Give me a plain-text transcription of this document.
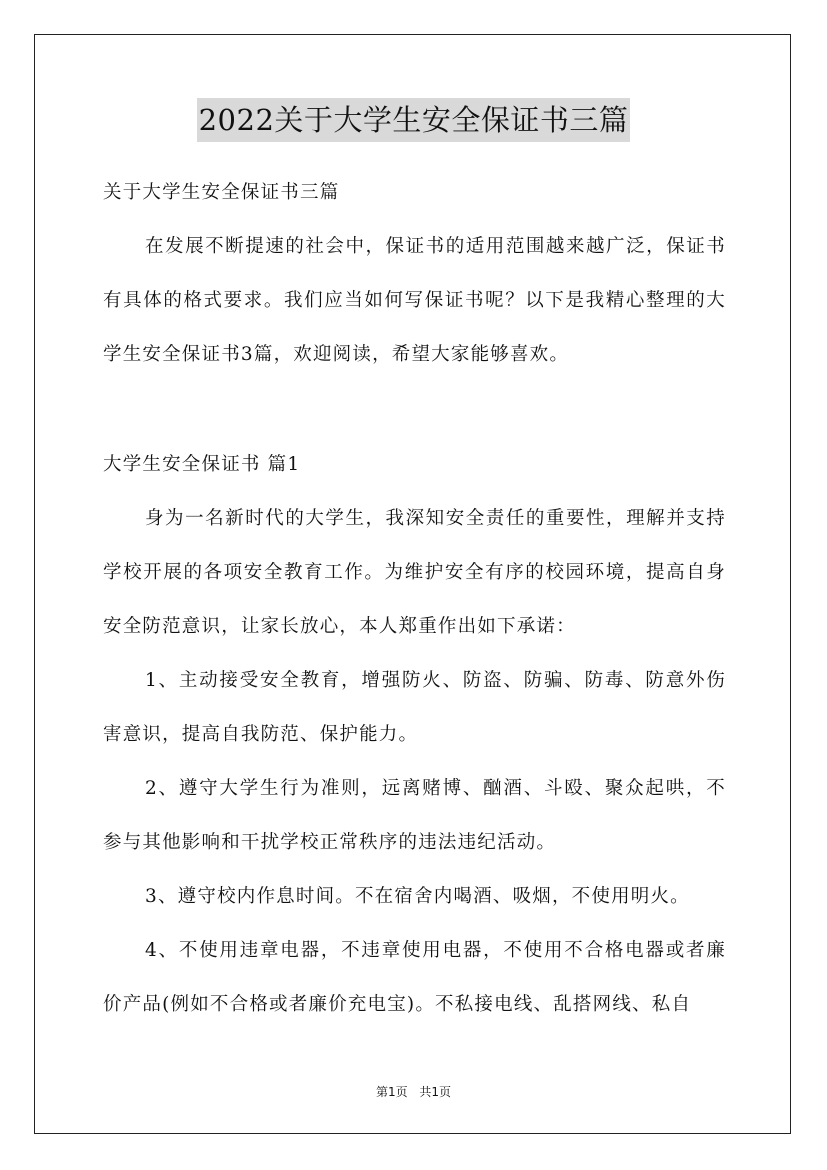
2022关于大学生安全保证书三篇
关于大学生安全保证书三篇
在发展不断提速的社会中，保证书的适用范围越来越广泛，保证书有具体的格式要求。我们应当如何写保证书呢？以下是我精心整理的大学生安全保证书3篇，欢迎阅读，希望大家能够喜欢。
大学生安全保证书 篇1
身为一名新时代的大学生，我深知安全责任的重要性，理解并支持学校开展的各项安全教育工作。为维护安全有序的校园环境，提高自身安全防范意识，让家长放心，本人郑重作出如下承诺：
1、主动接受安全教育，增强防火、防盗、防骗、防毒、防意外伤害意识，提高自我防范、保护能力。
2、遵守大学生行为准则，远离赌博、酗酒、斗殴、聚众起哄，不参与其他影响和干扰学校正常秩序的违法违纪活动。
3、遵守校内作息时间。不在宿舍内喝酒、吸烟，不使用明火。
4、不使用违章电器，不违章使用电器，不使用不合格电器或者廉价产品(例如不合格或者廉价充电宝)。不私接电线、乱搭网线、私自
第1页 共1页
